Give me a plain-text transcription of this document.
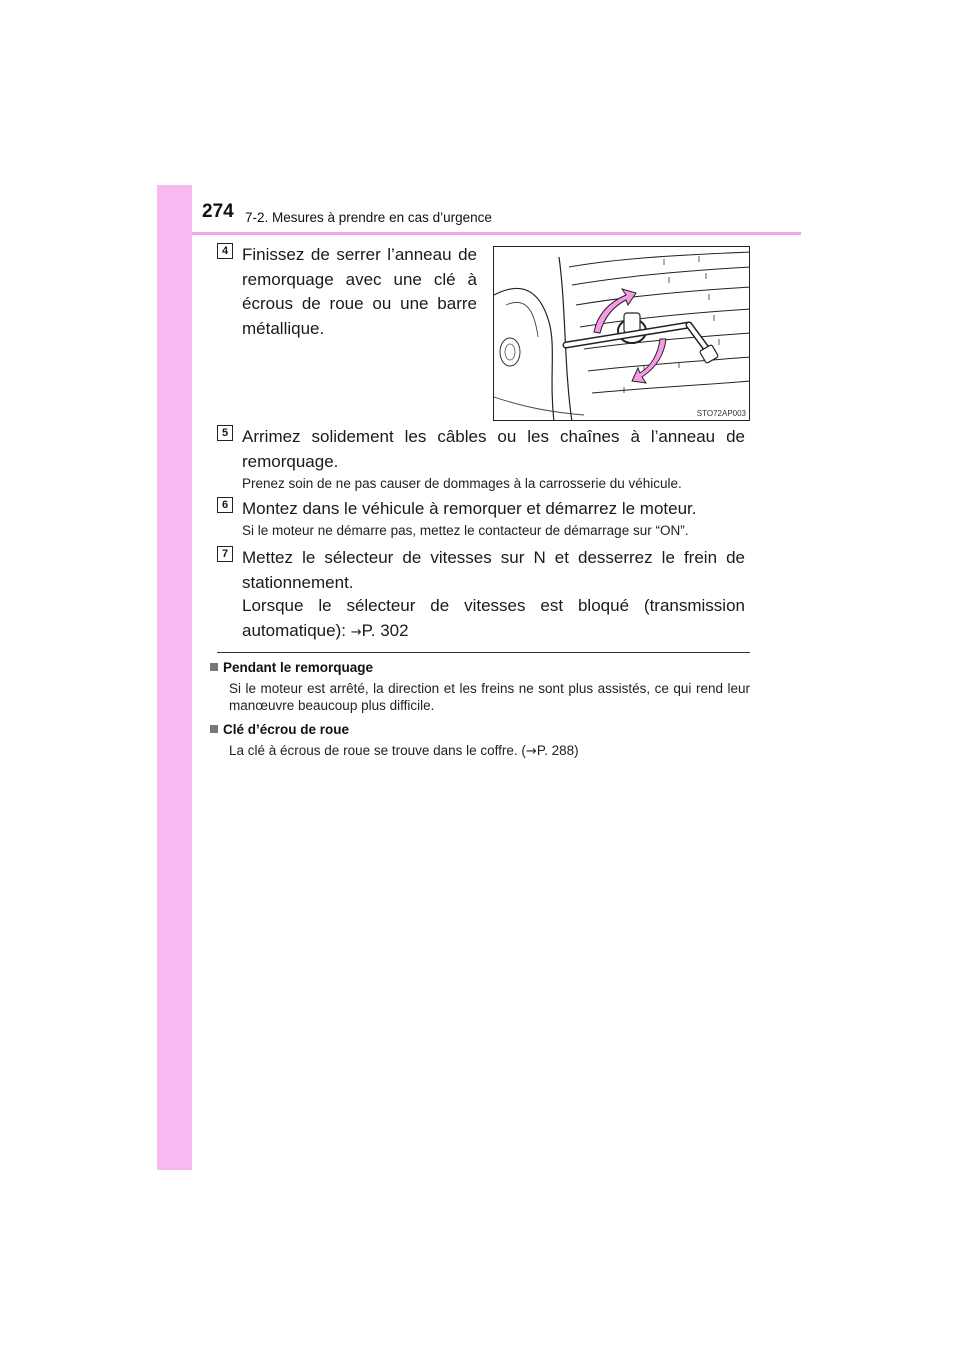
274 7-2. Mesures à prendre en cas d’urgence
4 Finissez de serrer l’anneau de remorquage avec une clé à écrous de roue ou une barre métallique.
STO72AP003
5 Arrimez solidement les câbles ou les chaînes à l’anneau de remorquage.
Prenez soin de ne pas causer de dommages à la carrosserie du véhicule.
6 Montez dans le véhicule à remorquer et démarrez le moteur.
Si le moteur ne démarre pas, mettez le contacteur de démarrage sur “ON”.
7 Mettez le sélecteur de vitesses sur N et desserrez le frein de stationnement.
Lorsque le sélecteur de vitesses est bloqué (transmission automatique): →P. 302
Pendant le remorquage
Si le moteur est arrêté, la direction et les freins ne sont plus assistés, ce qui rend leur manœuvre beaucoup plus difficile.
Clé d’écrou de roue
La clé à écrous de roue se trouve dans le coffre. (→P. 288)
